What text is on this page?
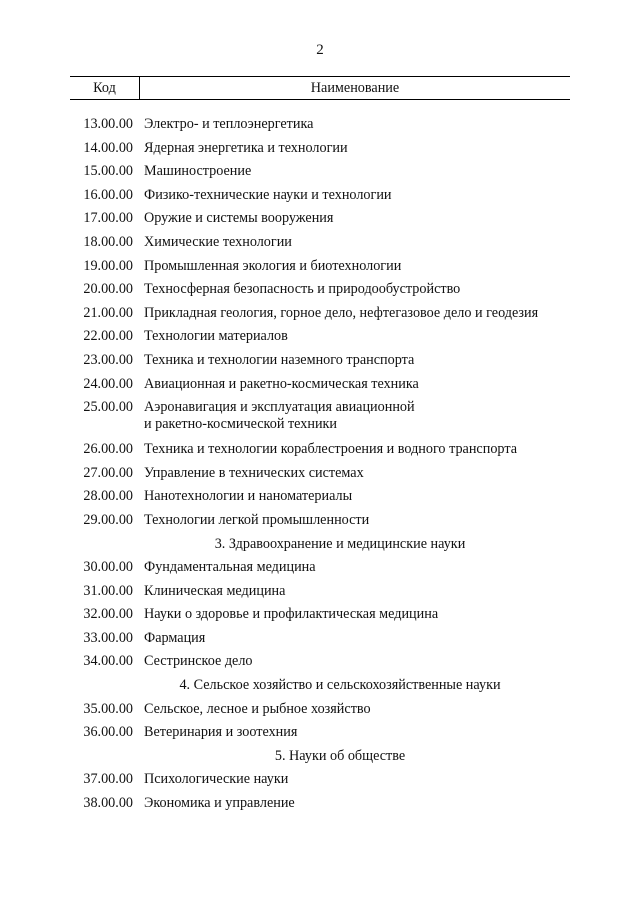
2
Код	Наименование
13.00.00 Электро- и теплоэнергетика
14.00.00 Ядерная энергетика и технологии
15.00.00 Машиностроение
16.00.00 Физико-технические науки и технологии
17.00.00 Оружие и системы вооружения
18.00.00 Химические технологии
19.00.00 Промышленная экология и биотехнологии
20.00.00 Техносферная безопасность и природообустройство
21.00.00 Прикладная геология, горное дело, нефтегазовое дело и геодезия
22.00.00 Технологии материалов
23.00.00 Техника и технологии наземного транспорта
24.00.00 Авиационная и ракетно-космическая техника
25.00.00 Аэронавигация и эксплуатация авиационной
и ракетно-космической техники
26.00.00 Техника и технологии кораблестроения и водного транспорта
27.00.00 Управление в технических системах
28.00.00 Нанотехнологии и наноматериалы
29.00.00 Технологии легкой промышленности
3. Здравоохранение и медицинские науки
30.00.00 Фундаментальная медицина
31.00.00 Клиническая медицина
32.00.00 Науки о здоровье и профилактическая медицина
33.00.00 Фармация
34.00.00 Сестринское дело
4. Сельское хозяйство и сельскохозяйственные науки
35.00.00 Сельское, лесное и рыбное хозяйство
36.00.00 Ветеринария и зоотехния
5. Науки об обществе
37.00.00 Психологические науки
38.00.00 Экономика и управление
